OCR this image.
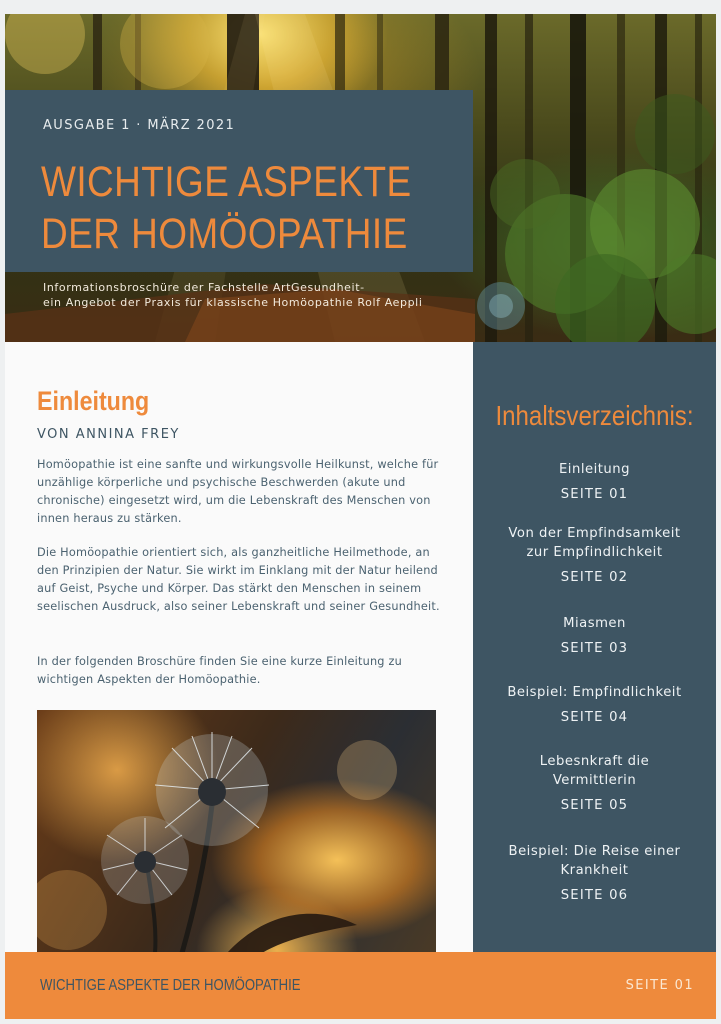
AUSGABE 1 · MÄRZ 2021
WICHTIGE ASPEKTE
DER HOMÖOPATHIE
Informationsbroschüre der Fachstelle ArtGesundheit-
ein Angebot der Praxis für klassische Homöopathie Rolf Aeppli
Einleitung
VON ANNINA FREY

Homöopathie ist eine sanfte und wirkungsvolle Heilkunst, welche für unzählige körperliche und psychische Beschwerden (akute und chronische) eingesetzt wird, um die Lebenskraft des Menschen von innen heraus zu stärken.

Die Homöopathie orientiert sich, als ganzheitliche Heilmethode, an den Prinzipien der Natur. Sie wirkt im Einklang mit der Natur heilend auf Geist, Psyche und Körper. Das stärkt den Menschen in seinem seelischen Ausdruck, also seiner Lebenskraft und seiner Gesundheit.

In der folgenden Broschüre finden Sie eine kurze Einleitung zu wichtigen Aspekten der Homöopathie.

Inhaltsverzeichnis:
Einleitung
SEITE 01
Von der Empfindsamkeit
zur Empfindlichkeit
SEITE 02
Miasmen
SEITE 03
Beispiel: Empfindlichkeit
SEITE 04
Lebesnkraft die
Vermittlerin
SEITE 05
Beispiel: Die Reise einer
Krankheit
SEITE 06
WICHTIGE ASPEKTE DER HOMÖOPATHIE	SEITE 01
